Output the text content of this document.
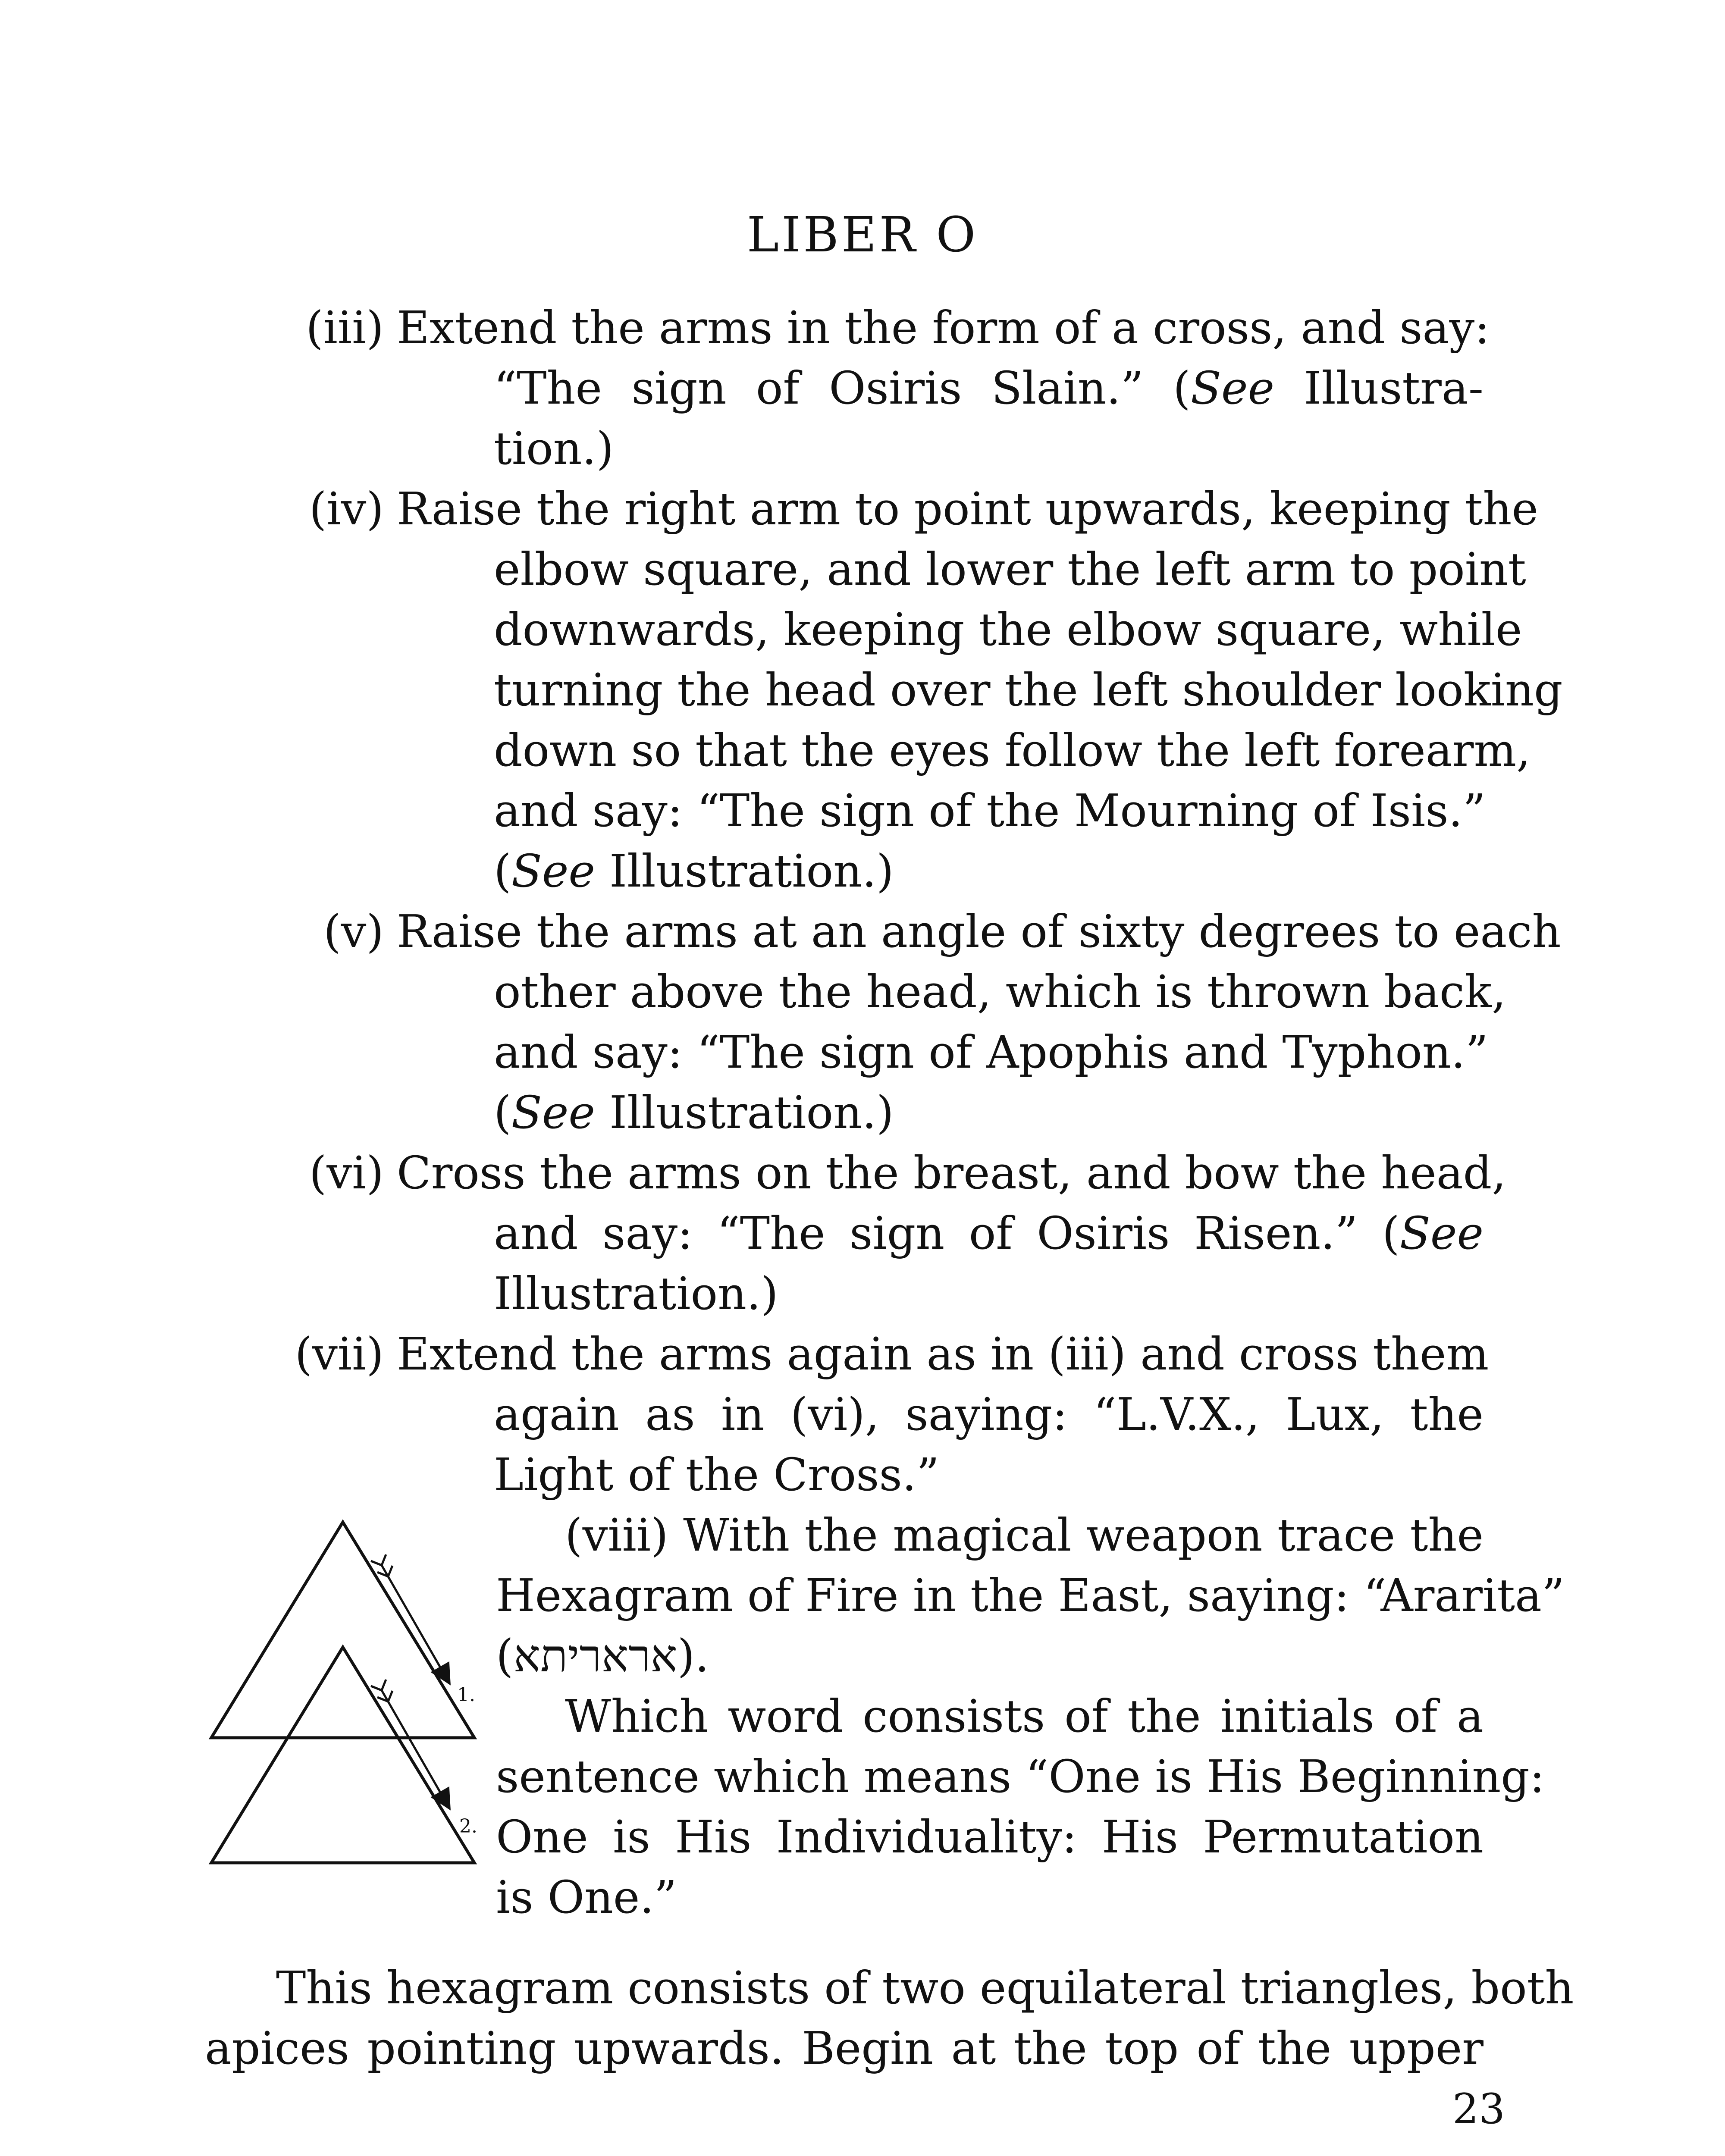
LIBER O
(iii) Extend the arms in the form of a cross, and say:
“The sign of Osiris Slain.” (See Illustra-
tion.)
(iv) Raise the right arm to point upwards, keeping the
elbow square, and lower the left arm to point
downwards, keeping the elbow square, while
turning the head over the left shoulder looking
down so that the eyes follow the left forearm,
and say: “The sign of the Mourning of Isis.”
(See Illustration.)
(v) Raise the arms at an angle of sixty degrees to each
other above the head, which is thrown back,
and say: “The sign of Apophis and Typhon.”
(See Illustration.)
(vi) Cross the arms on the breast, and bow the head,
and say: “The sign of Osiris Risen.” (See
Illustration.)
(vii) Extend the arms again as in (iii) and cross them
again as in (vi), saying: “L.V.X., Lux, the
Light of the Cross.”
(viii) With the magical weapon trace the
Hexagram of Fire in the East, saying: “Ararita”
(אראריתא).
Which word consists of the initials of a
sentence which means “One is His Beginning:
One is His Individuality: His Permutation
is One.”
1.
2.
This hexagram consists of two equilateral triangles, both
apices pointing upwards. Begin at the top of the upper
23
